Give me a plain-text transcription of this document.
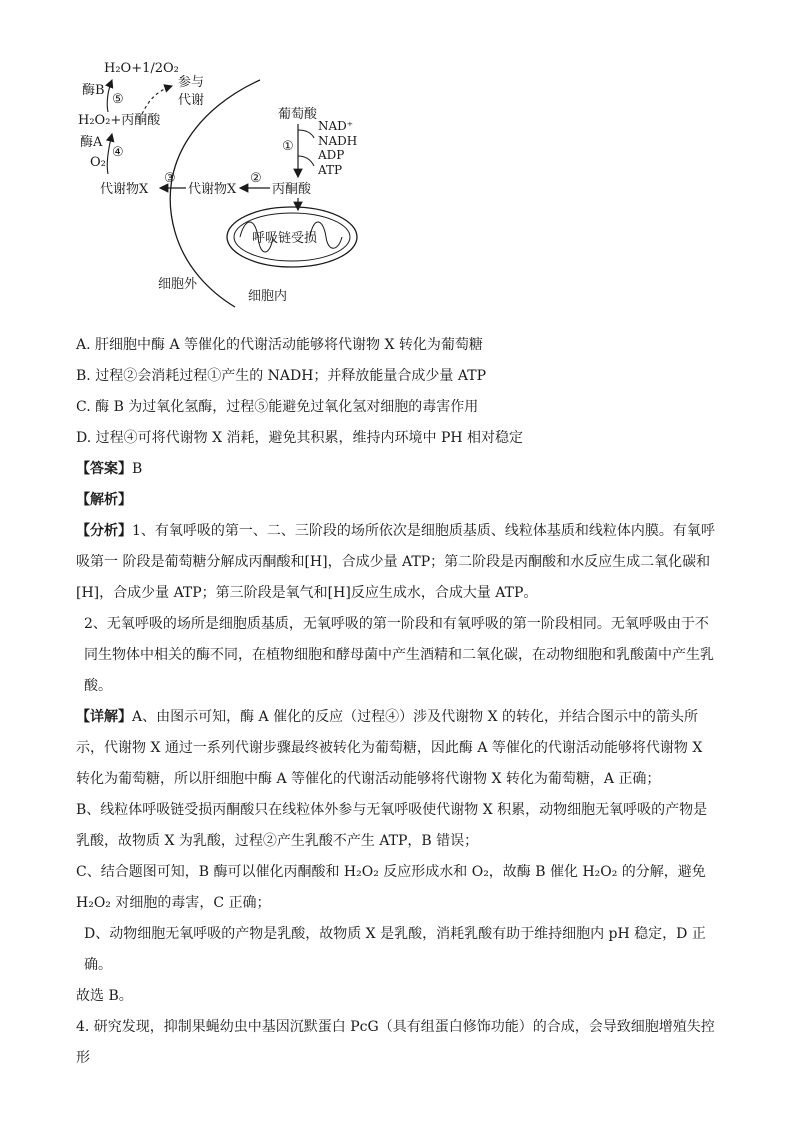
呼吸链受损
葡萄酸
①
NAD⁺
NADH
ADP
ATP
丙酮酸
②
代谢物X
③
代谢物X
O₂
④
酶A
H₂O₂+丙酮酸
⑤
酶B
H₂O+1/2O₂
参与
代谢
细胞外
细胞内
A. 肝细胞中酶 A 等催化的代谢活动能够将代谢物 X 转化为葡萄糖
B. 过程②会消耗过程①产生的 NADH；并释放能量合成少量 ATP
C. 酶 B 为过氧化氢酶，过程⑤能避免过氧化氢对细胞的毒害作用
D. 过程④可将代谢物 X 消耗，避免其积累，维持内环境中 PH 相对稳定
【答案】B
【解析】

【分析】1、有氧呼吸的第一、二、三阶段的场所依次是细胞质基质、线粒体基质和线粒体内膜。有氧呼吸第一 阶段是葡萄糖分解成丙酮酸和[H]，合成少量 ATP；第二阶段是丙酮酸和水反应生成二氧化碳和[H]，合成少量 ATP；第三阶段是氧气和[H]反应生成水，合成大量 ATP。

2、无氧呼吸的场所是细胞质基质，无氧呼吸的第一阶段和有氧呼吸的第一阶段相同。无氧呼吸由于不同生物体中相关的酶不同，在植物细胞和酵母菌中产生酒精和二氧化碳，在动物细胞和乳酸菌中产生乳酸。

【详解】A、由图示可知，酶 A 催化的反应（过程④）涉及代谢物 X 的转化，并结合图示中的箭头所示，代谢物 X 通过一系列代谢步骤最终被转化为葡萄糖，因此酶 A 等催化的代谢活动能够将代谢物 X 转化为葡萄糖，所以肝细胞中酶 A 等催化的代谢活动能够将代谢物 X 转化为葡萄糖，A 正确；

B、线粒体呼吸链受损丙酮酸只在线粒体外参与无氧呼吸使代谢物 X 积累，动物细胞无氧呼吸的产物是乳酸，故物质 X 为乳酸，过程②产生乳酸不产生 ATP，B 错误；

C、结合题图可知，B 酶可以催化丙酮酸和 H₂O₂ 反应形成水和 O₂，故酶 B 催化 H₂O₂ 的分解，避免 H₂O₂ 对细胞的毒害，C 正确；

D、动物细胞无氧呼吸的产物是乳酸，故物质 X 是乳酸，消耗乳酸有助于维持细胞内 pH 稳定，D 正确。

故选 B。

4. 研究发现，抑制果蝇幼虫中基因沉默蛋白 PcG（具有组蛋白修饰功能）的合成，会导致细胞增殖失控形
